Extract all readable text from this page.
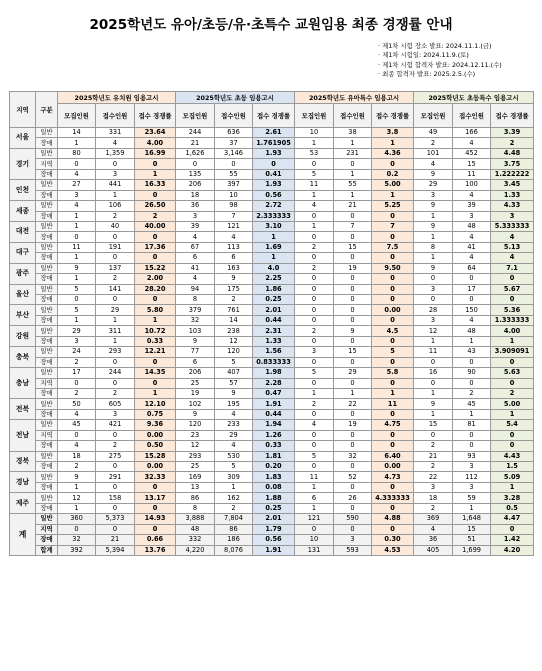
2025학년도 유아/초등/유·초특수 교원임용 최종 경쟁률 안내
· 제1차 시험 장소 발표: 2024.11.1.(금)
· 제1차 시험일: 2024.11.9.(토)
· 제1차 시험 합격자 발표: 2024.12.11.(수)
· 최종 합격자 발표: 2025.2.5.(수)
지역	구분	2025학년도 유치원 임용고시			2025학년도 초등 임용고시			2025학년도 유아특수 임용고시			2025학년도 초등특수 임용고시		
		모집인원	접수인원	접수 경쟁률	모집인원	접수인원	접수 경쟁률	모집인원	접수인원	접수 경쟁률	모집인원	접수인원	접수 경쟁률
서울	일반	14	331	23.64	244	636	2.61	10	38	3.8	49	166	3.39
	장애	1	4	4.00	21	37	1.761905	1	1	1	2	4	2
경기	일반	80	1,359	16.99	1,626	3,146	1.93	53	231	4.36	101	452	4.48
	지역	0	0	0	0	0	0	0	0	0	4	15	3.75
	장애	4	3	1	135	55	0.41	5	1	0.2	9	11	1.222222
인천	일반	27	441	16.33	206	397	1.93	11	55	5.00	29	100	3.45
	장애	3	1	0	18	10	0.56	1	1	1	3	4	1.33
세종	일반	4	106	26.50	36	98	2.72	4	21	5.25	9	39	4.33
	장애	1	2	2	3	7	2.333333	0	0	0	1	3	3
대전	일반	1	40	40.00	39	121	3.10	1	7	7	9	48	5.333333
	장애	0	0	0	4	4	1	0	0	0	1	4	4
대구	일반	11	191	17.36	67	113	1.69	2	15	7.5	8	41	5.13
	장애	1	0	0	6	6	1	0	0	0	1	4	4
광주	일반	9	137	15.22	41	163	4.0	2	19	9.50	9	64	7.1
	장애	1	2	2.00	4	9	2.25	0	0	0	0	0	0
울산	일반	5	141	28.20	94	175	1.86	0	0	0	3	17	5.67
	장애	0	0	0	8	2	0.25	0	0	0	0	0	0
부산	일반	5	29	5.80	379	761	2.01	0	0	0.00	28	150	5.36
	장애	1	1	1	32	14	0.44	0	0	0	3	4	1.333333
강원	일반	29	311	10.72	103	238	2.31	2	9	4.5	12	48	4.00
	장애	3	1	0.33	9	12	1.33	0	0	0	1	1	1
충북	일반	24	293	12.21	77	120	1.56	3	15	5	11	43	3.909091
	장애	2	0	0	6	5	0.833333	0	0	0	0	0	0
충남	일반	17	244	14.35	206	407	1.98	5	29	5.8	16	90	5.63
	지역	0	0	0	25	57	2.28	0	0	0	0	0	0
	장애	2	2	1	19	9	0.47	1	1	1	1	2	2
전북	일반	50	605	12.10	102	195	1.91	2	22	11	9	45	5.00
	장애	4	3	0.75	9	4	0.44	0	0	0	1	1	1
전남	일반	45	421	9.36	120	233	1.94	4	19	4.75	15	81	5.4
	지역	0	0	0.00	23	29	1.26	0	0	0	0	0	0
	장애	4	2	0.50	12	4	0.33	0	0	0	2	0	0
경북	일반	18	275	15.28	293	530	1.81	5	32	6.40	21	93	4.43
	장애	2	0	0.00	25	5	0.20	0	0	0.00	2	3	1.5
경남	일반	9	291	32.33	169	309	1.83	11	52	4.73	22	112	5.09
	장애	1	0	0	13	1	0.08	1	0	0	3	3	1
제주	일반	12	158	13.17	86	162	1.88	6	26	4.333333	18	59	3.28
	장애	1	0	0	8	2	0.25	1	0	0	2	1	0.5
계	일반	360	5,373	14.93	3,888	7,804	2.01	121	590	4.88	369	1,648	4.47
	지역	0	0	0	48	86	1.79	0	0	0	4	15	0
	장애	32	21	0.66	332	186	0.56	10	3	0.30	36	51	1.42
	합계	392	5,394	13.76	4,220	8,076	1.91	131	593	4.53	405	1,699	4.20
